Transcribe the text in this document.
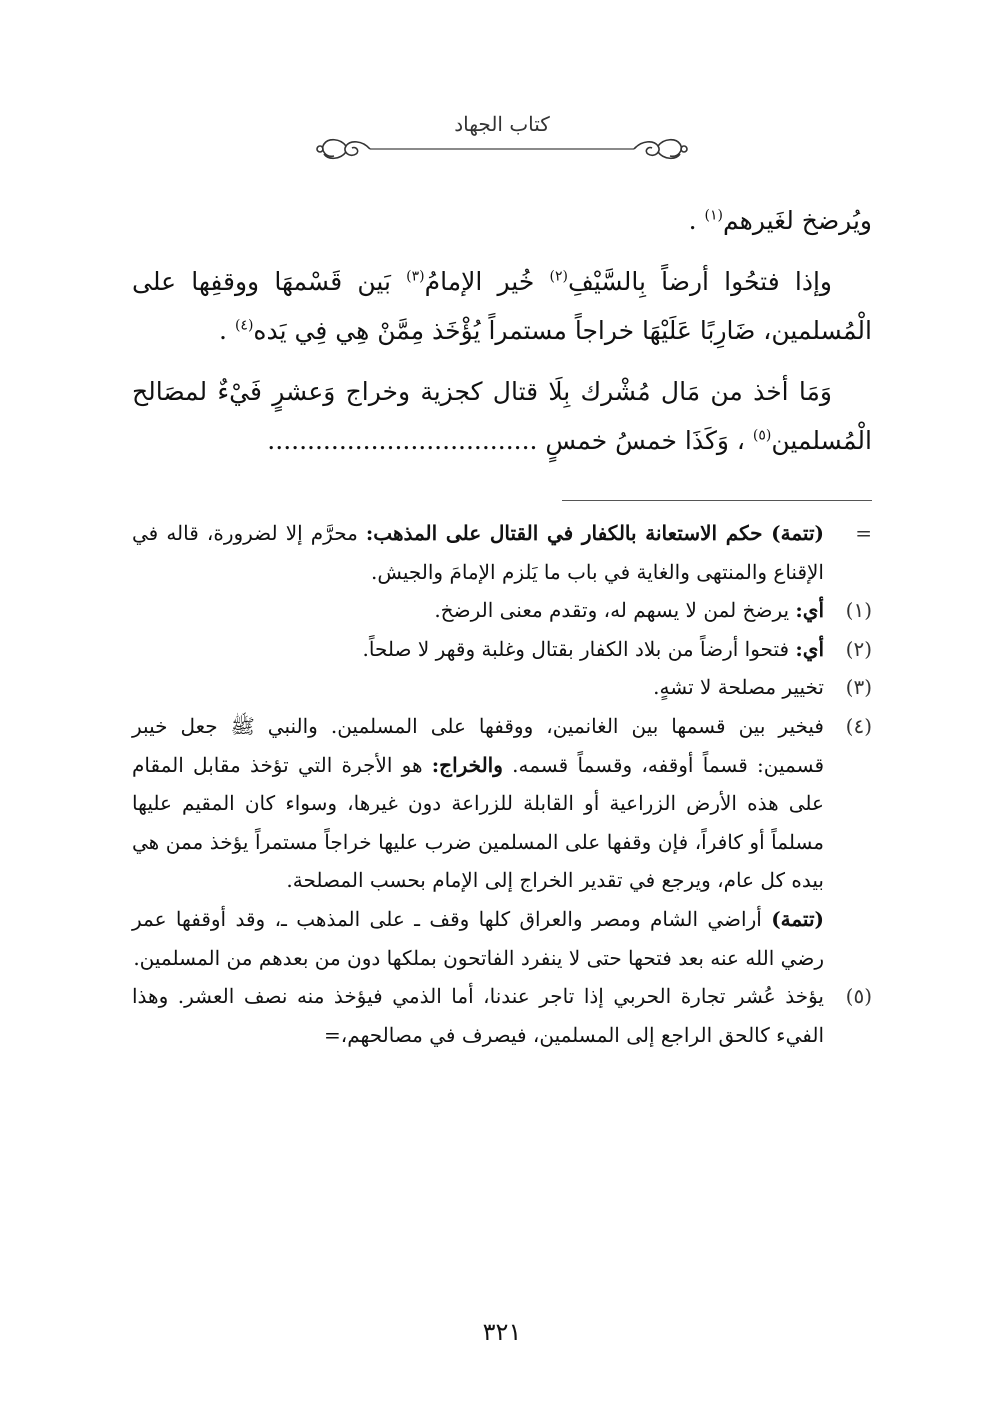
كتاب الجهاد

ويُرضخ لغَيرهم$^{(١)}$ .

وإذا فتحُوا أرضاً بِالسَّيْفِ$^{(٢)}$ خُير الإمامُ$^{(٣)}$ بَين قَسْمهَا ووقفِها على الْمُسلمين، ضَارِبًا عَلَيْهَا خراجاً مستمراً يُؤْخَذ مِمَّنْ هِي فِي يَده$^{(٤)}$ .

وَمَا أخذ من مَال مُشْرك بِلَا قتال كجزية وخراج وَعشرٍ فَيْءٌ لمصَالح الْمُسلمين$^{(٥)}$ ، وَكَذَا خمسُ خمسٍ ..................................

=
(تتمة) حكم الاستعانة بالكفار في القتال على المذهب: محرَّم إلا لضرورة، قاله في الإقناع والمنتهى والغاية في باب ما يَلزم الإمامَ والجيش.
(١)
أي: يرضخ لمن لا يسهم له، وتقدم معنى الرضخ.
(٢)
أي: فتحوا أرضاً من بلاد الكفار بقتال وغلبة وقهر لا صلحاً.
(٣)
تخيير مصلحة لا تشهٍ.
(٤)
فيخير بين قسمها بين الغانمين، ووقفها على المسلمين. والنبي ﷺ جعل خيبر قسمين: قسماً أوقفه، وقسماً قسمه. والخراج: هو الأجرة التي تؤخذ مقابل المقام على هذه الأرض الزراعية أو القابلة للزراعة دون غيرها، وسواء كان المقيم عليها مسلماً أو كافراً، فإن وقفها على المسلمين ضرب عليها خراجاً مستمراً يؤخذ ممن هي بيده كل عام، ويرجع في تقدير الخراج إلى الإمام بحسب المصلحة.
(تتمة) أراضي الشام ومصر والعراق كلها وقف ـ على المذهب ـ، وقد أوقفها عمر رضي الله عنه بعد فتحها حتى لا ينفرد الفاتحون بملكها دون من بعدهم من المسلمين.
(٥)
يؤخذ عُشر تجارة الحربي إذا تاجر عندنا، أما الذمي فيؤخذ منه نصف العشر. وهذا الفيء كالحق الراجع إلى المسلمين، فيصرف في مصالحهم،=
٣٢١
